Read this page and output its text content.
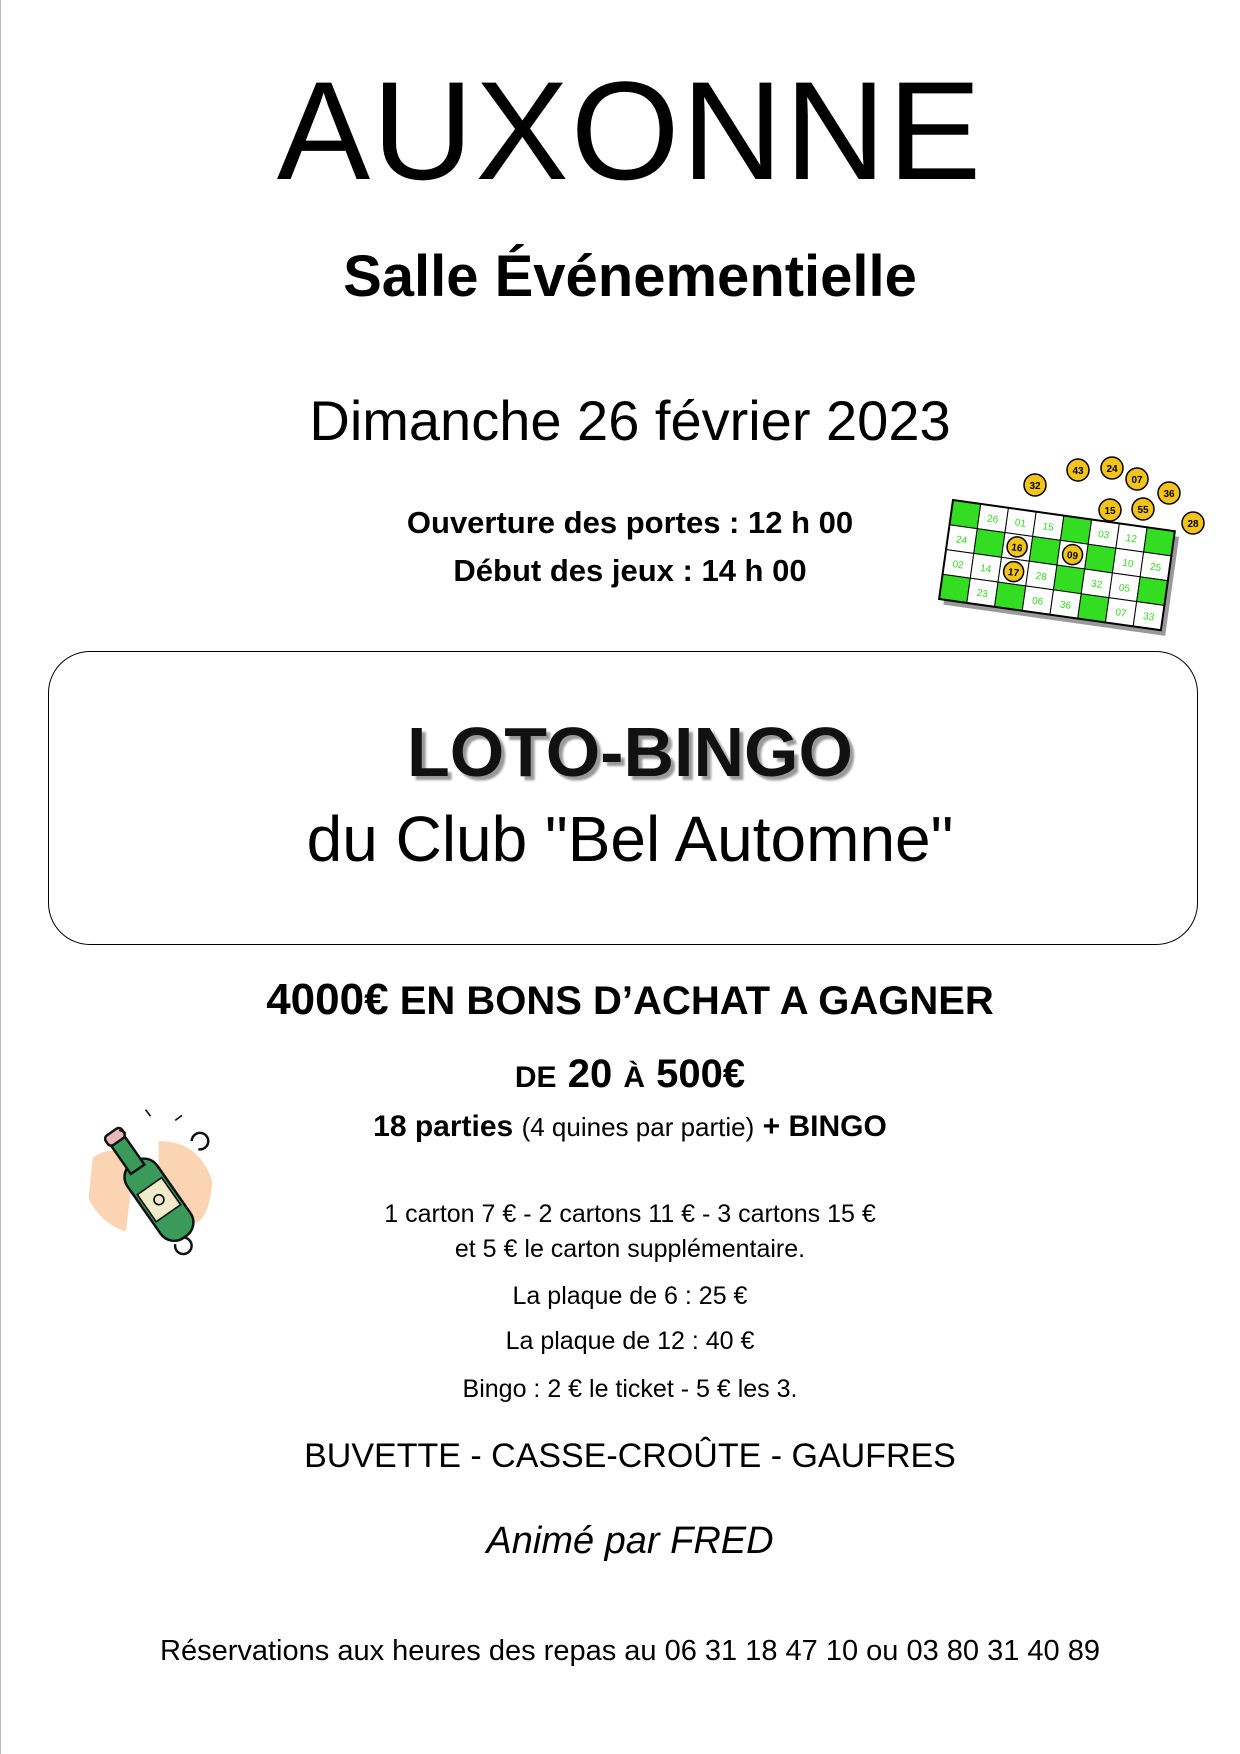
AUXONNE
Salle Événementielle
Dimanche 26 février 2023
Ouverture des portes : 12 h 00
Début des jeux : 14 h 00
26 01 15
03 12
24
16
09
10 25
02 14 17 28
32 05
23
06 36
07 33
32
43 24
07
36
15 55
28
LOTO-BINGO
du Club "Bel Automne"
4000€ EN BONS D’ACHAT A GAGNER
DE 20 À 500€
18 parties (4 quines par partie) + BINGO
1 carton 7 € - 2 cartons 11 € - 3 cartons 15 €
et 5 € le carton supplémentaire.
La plaque de 6 : 25 €
La plaque de 12 : 40 €
Bingo : 2 € le ticket - 5 € les 3.
BUVETTE - CASSE-CROÛTE - GAUFRES
Animé par FRED
Réservations aux heures des repas au 06 31 18 47 10 ou 03 80 31 40 89
